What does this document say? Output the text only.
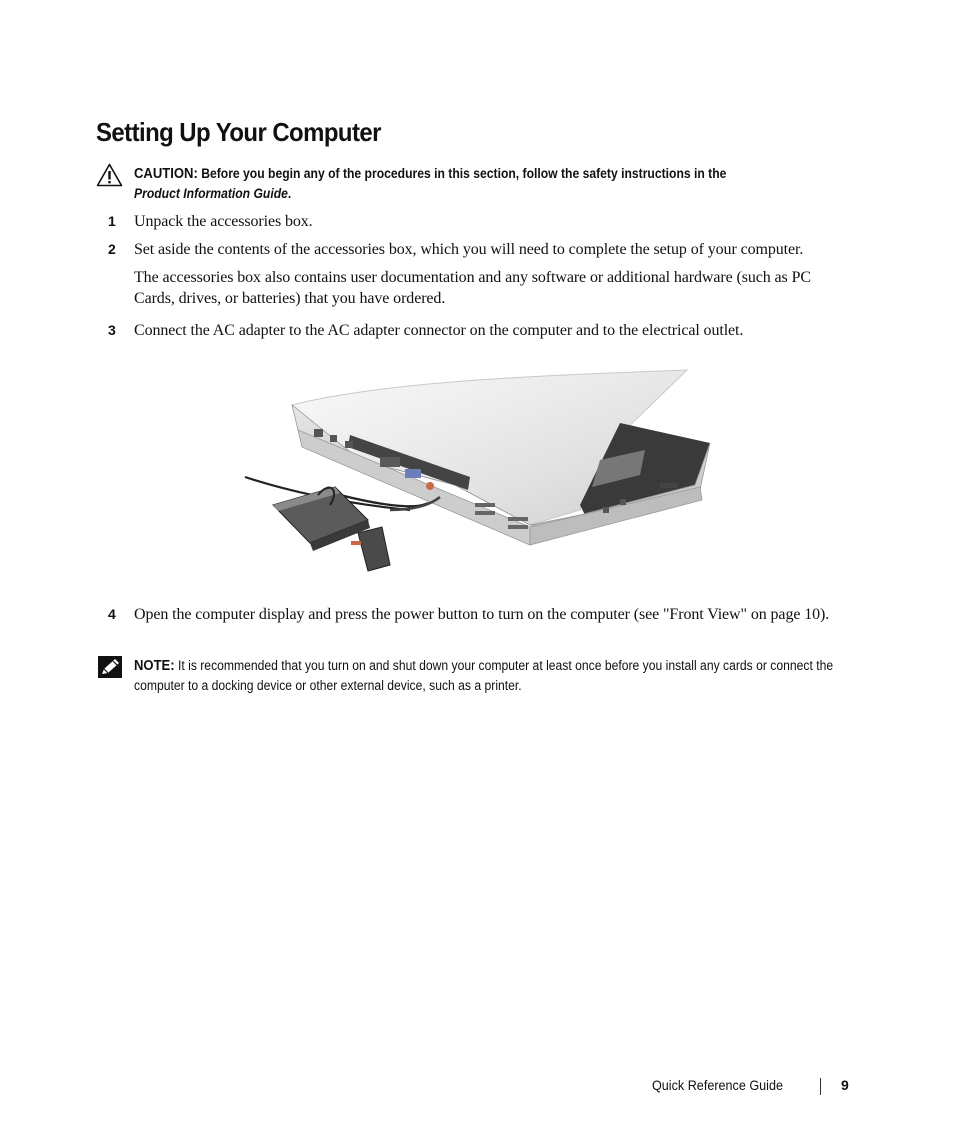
Setting Up Your Computer
CAUTION: Before you begin any of the procedures in this section, follow the safety instructions in the
Product Information Guide.
1 Unpack the accessories box.
2 Set aside the contents of the accessories box, which you will need to complete the setup of your computer.
The accessories box also contains user documentation and any software or additional hardware (such as PC Cards, drives, or batteries) that you have ordered.
3 Connect the AC adapter to the AC adapter connector on the computer and to the electrical outlet.
4 Open the computer display and press the power button to turn on the computer (see "Front View" on page 10).
NOTE: It is recommended that you turn on and shut down your computer at least once before you install any cards or connect the computer to a docking device or other external device, such as a printer.
Quick Reference Guide	9
